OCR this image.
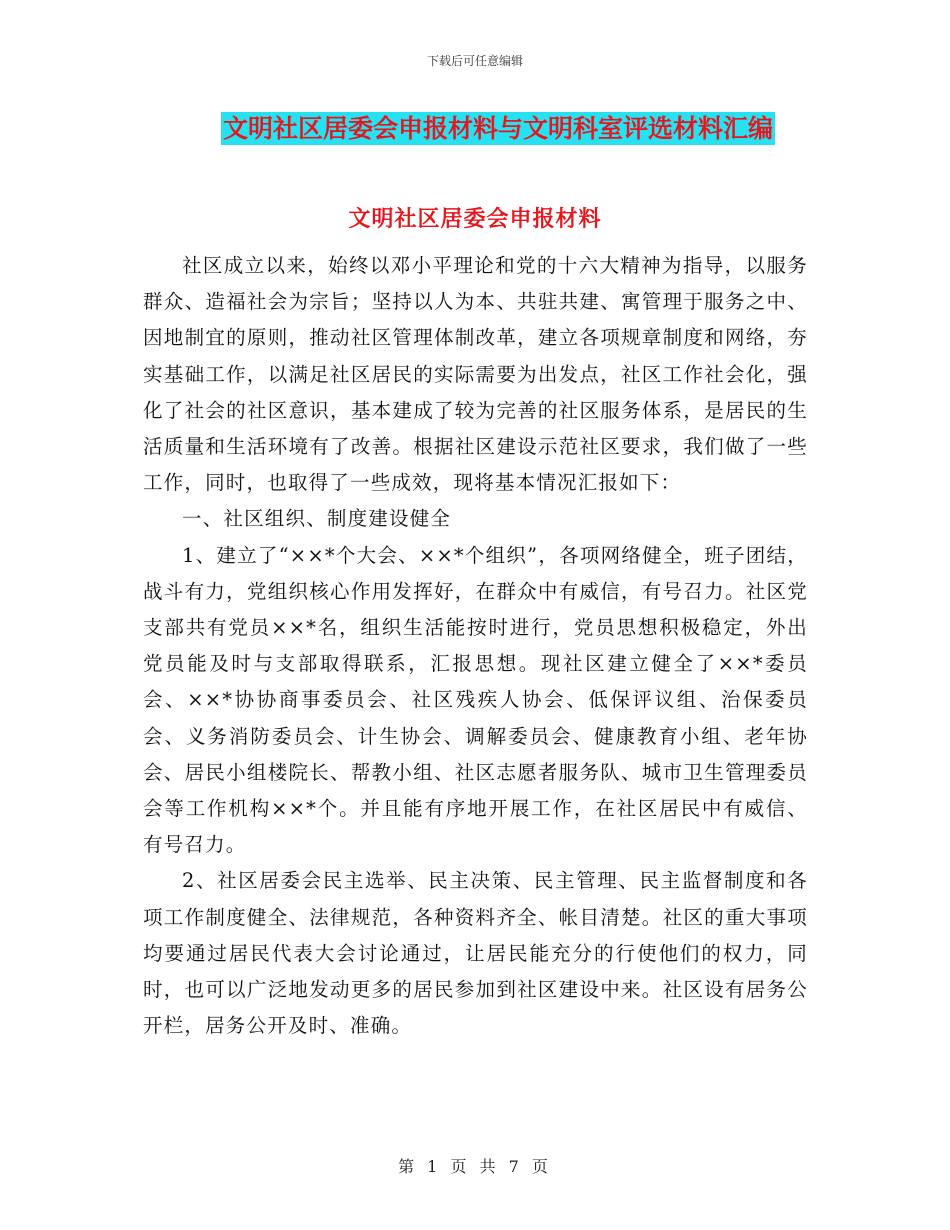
下载后可任意编辑
文明社区居委会申报材料与文明科室评选材料汇编
文明社区居委会申报材料

社区成立以来，始终以邓小平理论和党的十六大精神为指导，以服务群众、造福社会为宗旨；坚持以人为本、共驻共建、寓管理于服务之中、因地制宜的原则，推动社区管理体制改革，建立各项规章制度和网络，夯实基础工作，以满足社区居民的实际需要为出发点，社区工作社会化，强化了社会的社区意识，基本建成了较为完善的社区服务体系，是居民的生活质量和生活环境有了改善。根据社区建设示范社区要求，我们做了一些工作，同时，也取得了一些成效，现将基本情况汇报如下：

一、社区组织、制度建设健全

1、建立了“××*个大会、××*个组织”，各项网络健全，班子团结，战斗有力，党组织核心作用发挥好，在群众中有威信，有号召力。社区党支部共有党员××*名，组织生活能按时进行，党员思想积极稳定，外出党员能及时与支部取得联系，汇报思想。现社区建立健全了××*委员会、××*协协商事委员会、社区残疾人协会、低保评议组、治保委员会、义务消防委员会、计生协会、调解委员会、健康教育小组、老年协会、居民小组楼院长、帮教小组、社区志愿者服务队、城市卫生管理委员会等工作机构××*个。并且能有序地开展工作，在社区居民中有威信、有号召力。

2、社区居委会民主选举、民主决策、民主管理、民主监督制度和各项工作制度健全、法律规范，各种资料齐全、帐目清楚。社区的重大事项均要通过居民代表大会讨论通过，让居民能充分的行使他们的权力，同时，也可以广泛地发动更多的居民参加到社区建设中来。社区设有居务公开栏，居务公开及时、准确。

第 1 页 共 7 页
